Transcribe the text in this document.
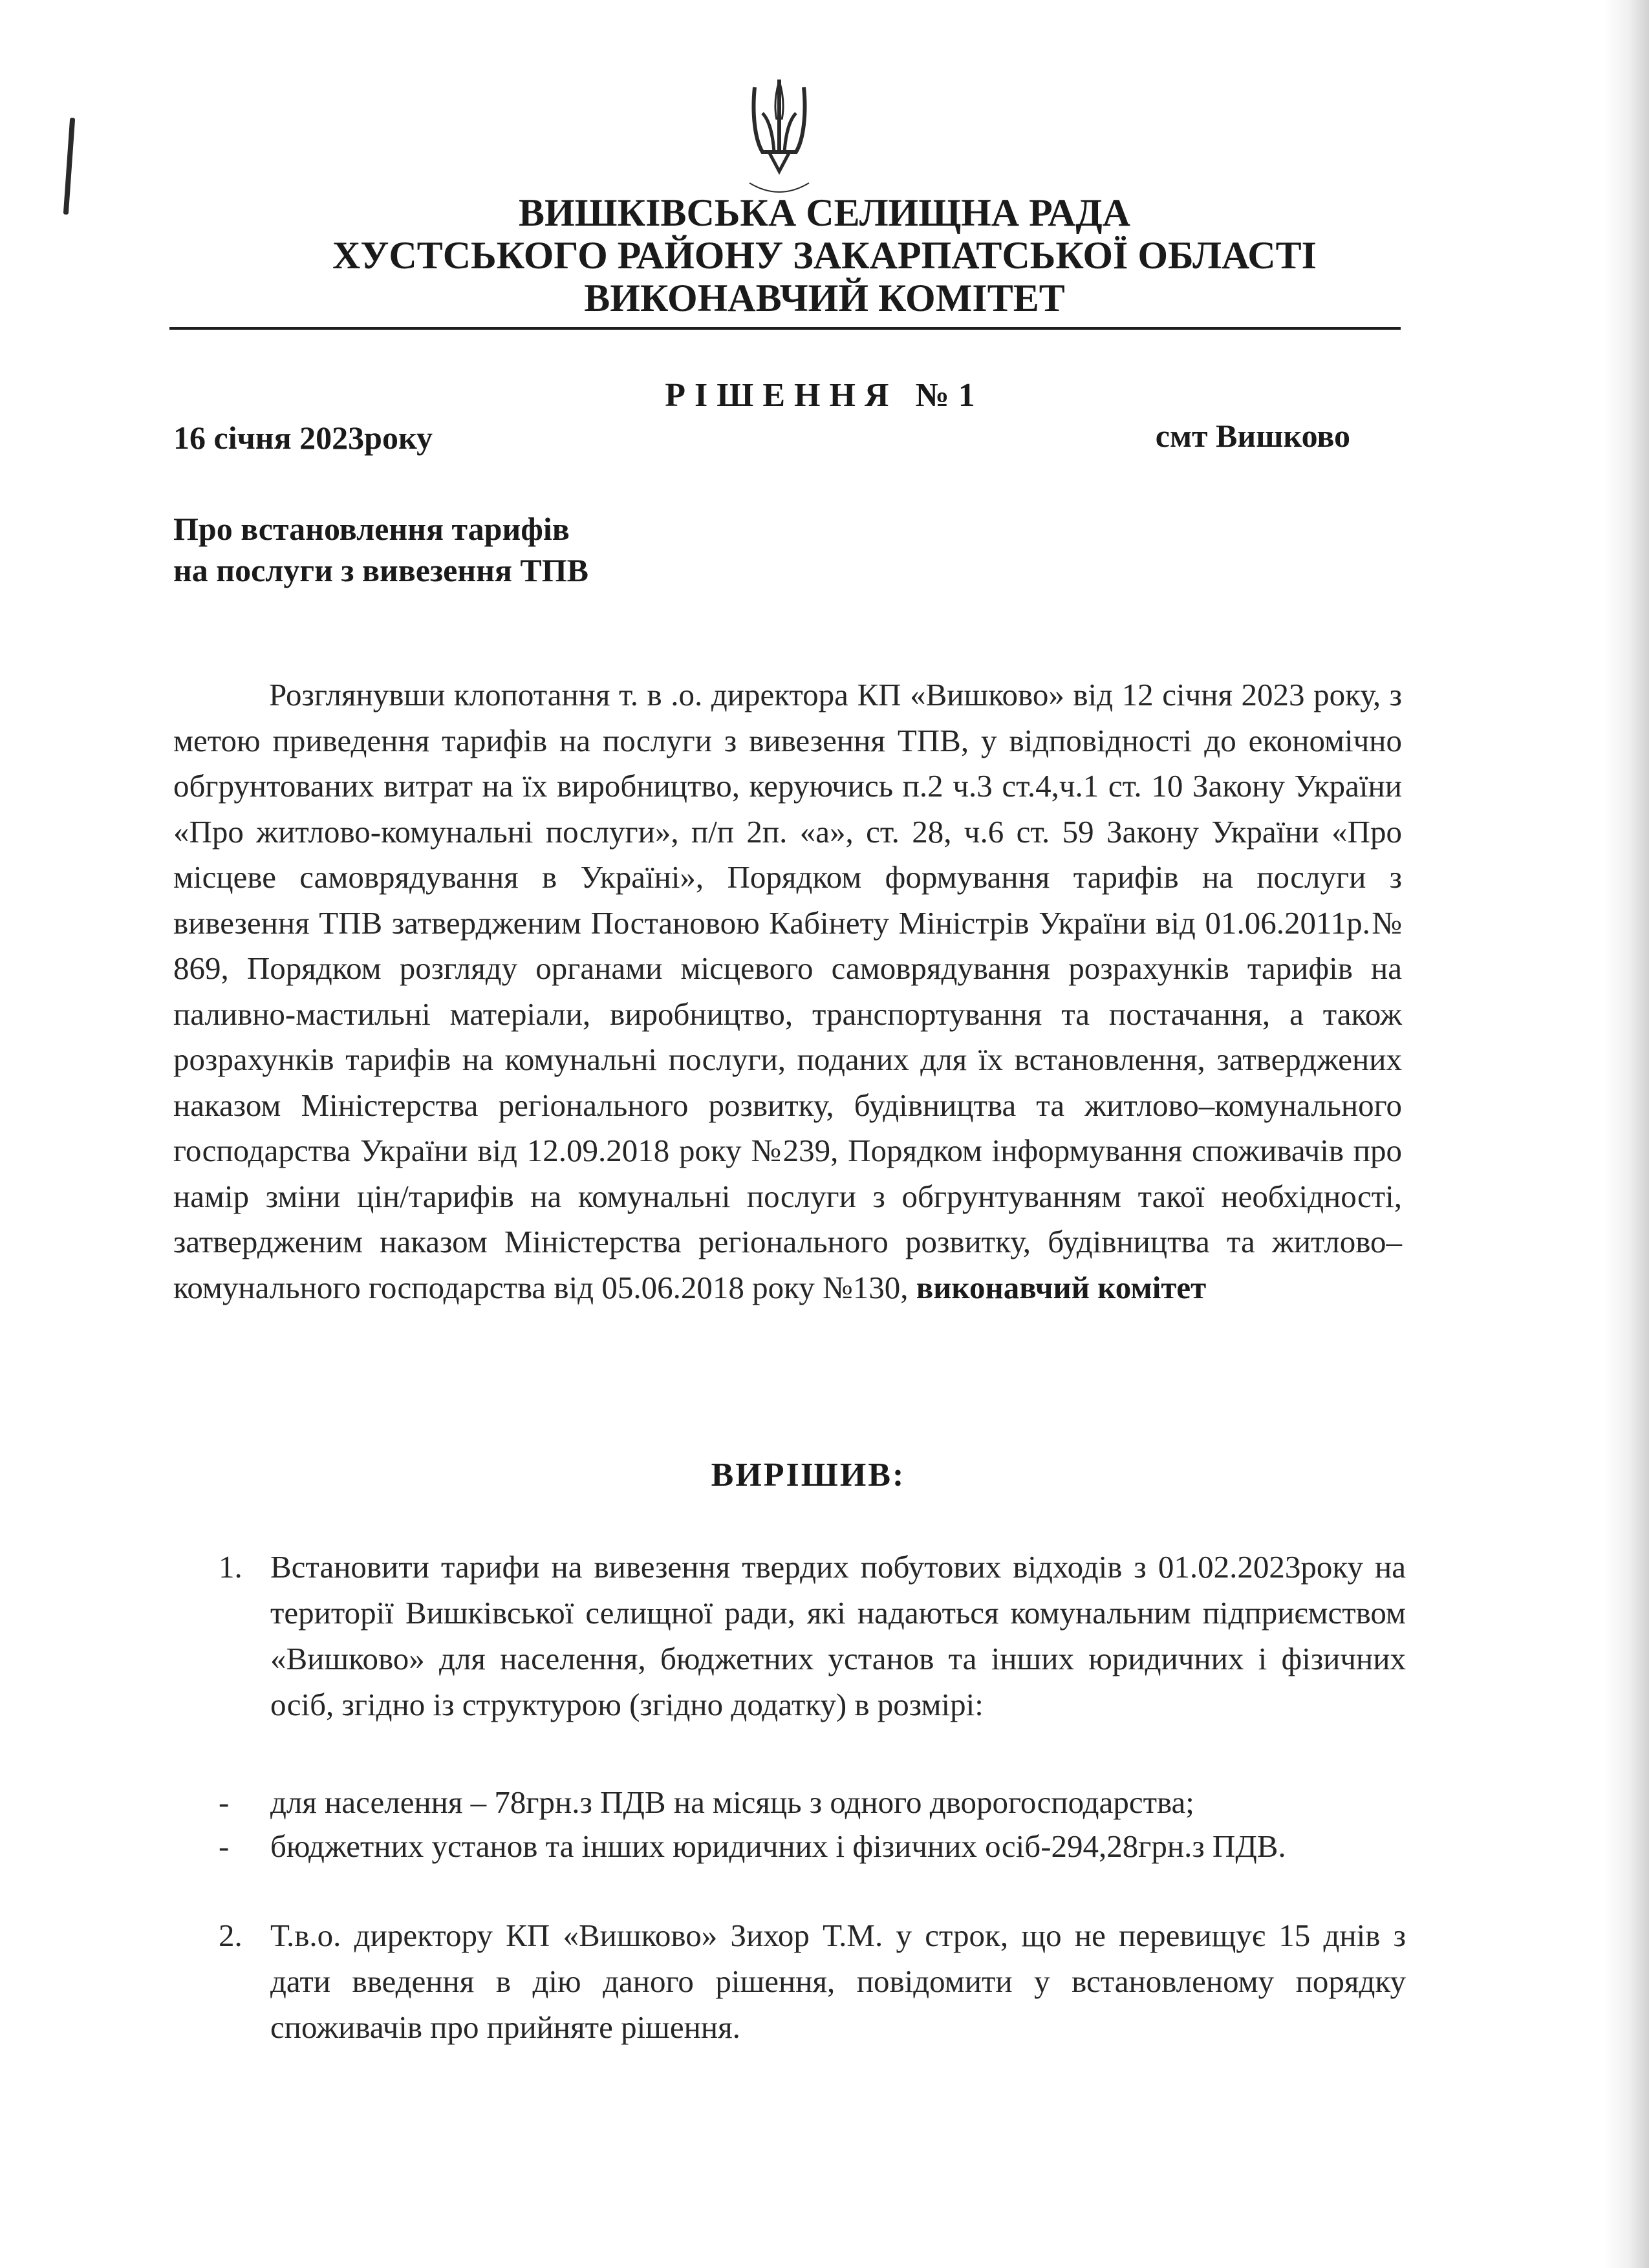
ВИШКІВСЬКА СЕЛИЩНА РАДА
ХУСТСЬКОГО РАЙОНУ ЗАКАРПАТСЬКОЇ ОБЛАСТІ
ВИКОНАВЧИЙ КОМІТЕТ
РІШЕННЯ №1
16 січня 2023року	смт Вишково
Про встановлення тарифів
на послуги з вивезення ТПВ
Розглянувши клопотання т. в .о. директора КП «Вишково» від 12 січня 2023 року, з метою приведення тарифів на послуги з вивезення ТПВ, у відповідності до економічно обгрунтованих витрат на їх виробництво, керуючись п.2 ч.3 ст.4,ч.1 ст. 10 Закону України «Про житлово-комунальні послуги», п/п 2п. «а», ст. 28, ч.6 ст. 59 Закону України «Про місцеве самоврядування в Україні», Порядком формування тарифів на послуги з вивезення ТПВ затвердженим Постановою Кабінету Міністрів України від 01.06.2011р.№ 869, Порядком розгляду органами місцевого самоврядування розрахунків тарифів на паливно-мастильні матеріали, виробництво, транспортування та постачання, а також розрахунків тарифів на комунальні послуги, поданих для їх встановлення, затверджених наказом Міністерства регіонального розвитку, будівництва та житлово–комунального господарства України від 12.09.2018 року №239, Порядком інформування споживачів про намір зміни цін/тарифів на комунальні послуги з обгрунтуванням такої необхідності, затвердженим наказом Міністерства регіонального розвитку, будівництва та житлово–комунального господарства від 05.06.2018 року №130, виконавчий комітет
ВИРІШИВ:
1. Встановити тарифи на вивезення твердих побутових відходів з 01.02.2023року на території Вишківської селищної ради, які надаються комунальним підприємством «Вишково» для населення, бюджетних установ та інших юридичних і фізичних осіб, згідно із структурою (згідно додатку) в розмірі:
- для населення – 78грн.з ПДВ на місяць з одного дворогосподарства;
- бюджетних установ та інших юридичних і фізичних осіб-294,28грн.з ПДВ.
2. Т.в.о. директору КП «Вишково» Зихор Т.М. у строк, що не перевищує 15 днів з дати введення в дію даного рішення, повідомити у встановленому порядку споживачів про прийняте рішення.
